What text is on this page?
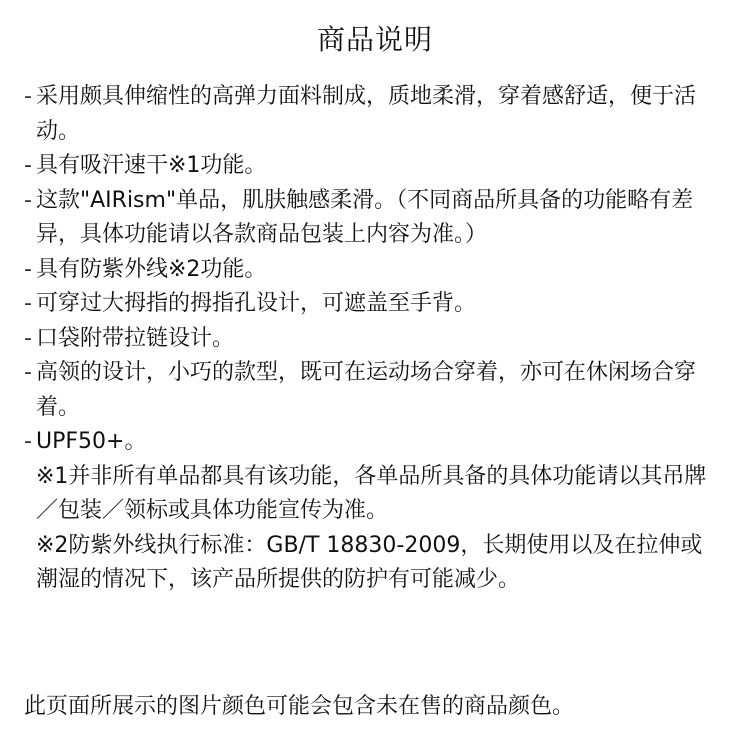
商品说明
- 采用颇具伸缩性的高弹力面料制成，质地柔滑，穿着感舒适，便于活动。
- 具有吸汗速干※1功能。
- 这款"AIRism"单品，肌肤触感柔滑。（不同商品所具备的功能略有差异，具体功能请以各款商品包装上内容为准。）
- 具有防紫外线※2功能。
- 可穿过大拇指的拇指孔设计，可遮盖至手背。
- 口袋附带拉链设计。
- 高领的设计，小巧的款型，既可在运动场合穿着，亦可在休闲场合穿着。
- UPF50+。
※1并非所有单品都具有该功能，各单品所具备的具体功能请以其吊牌／包装／领标或具体功能宣传为准。
※2防紫外线执行标准：GB/T 18830-2009，长期使用以及在拉伸或潮湿的情况下，该产品所提供的防护有可能减少。
此页面所展示的图片颜色可能会包含未在售的商品颜色。
